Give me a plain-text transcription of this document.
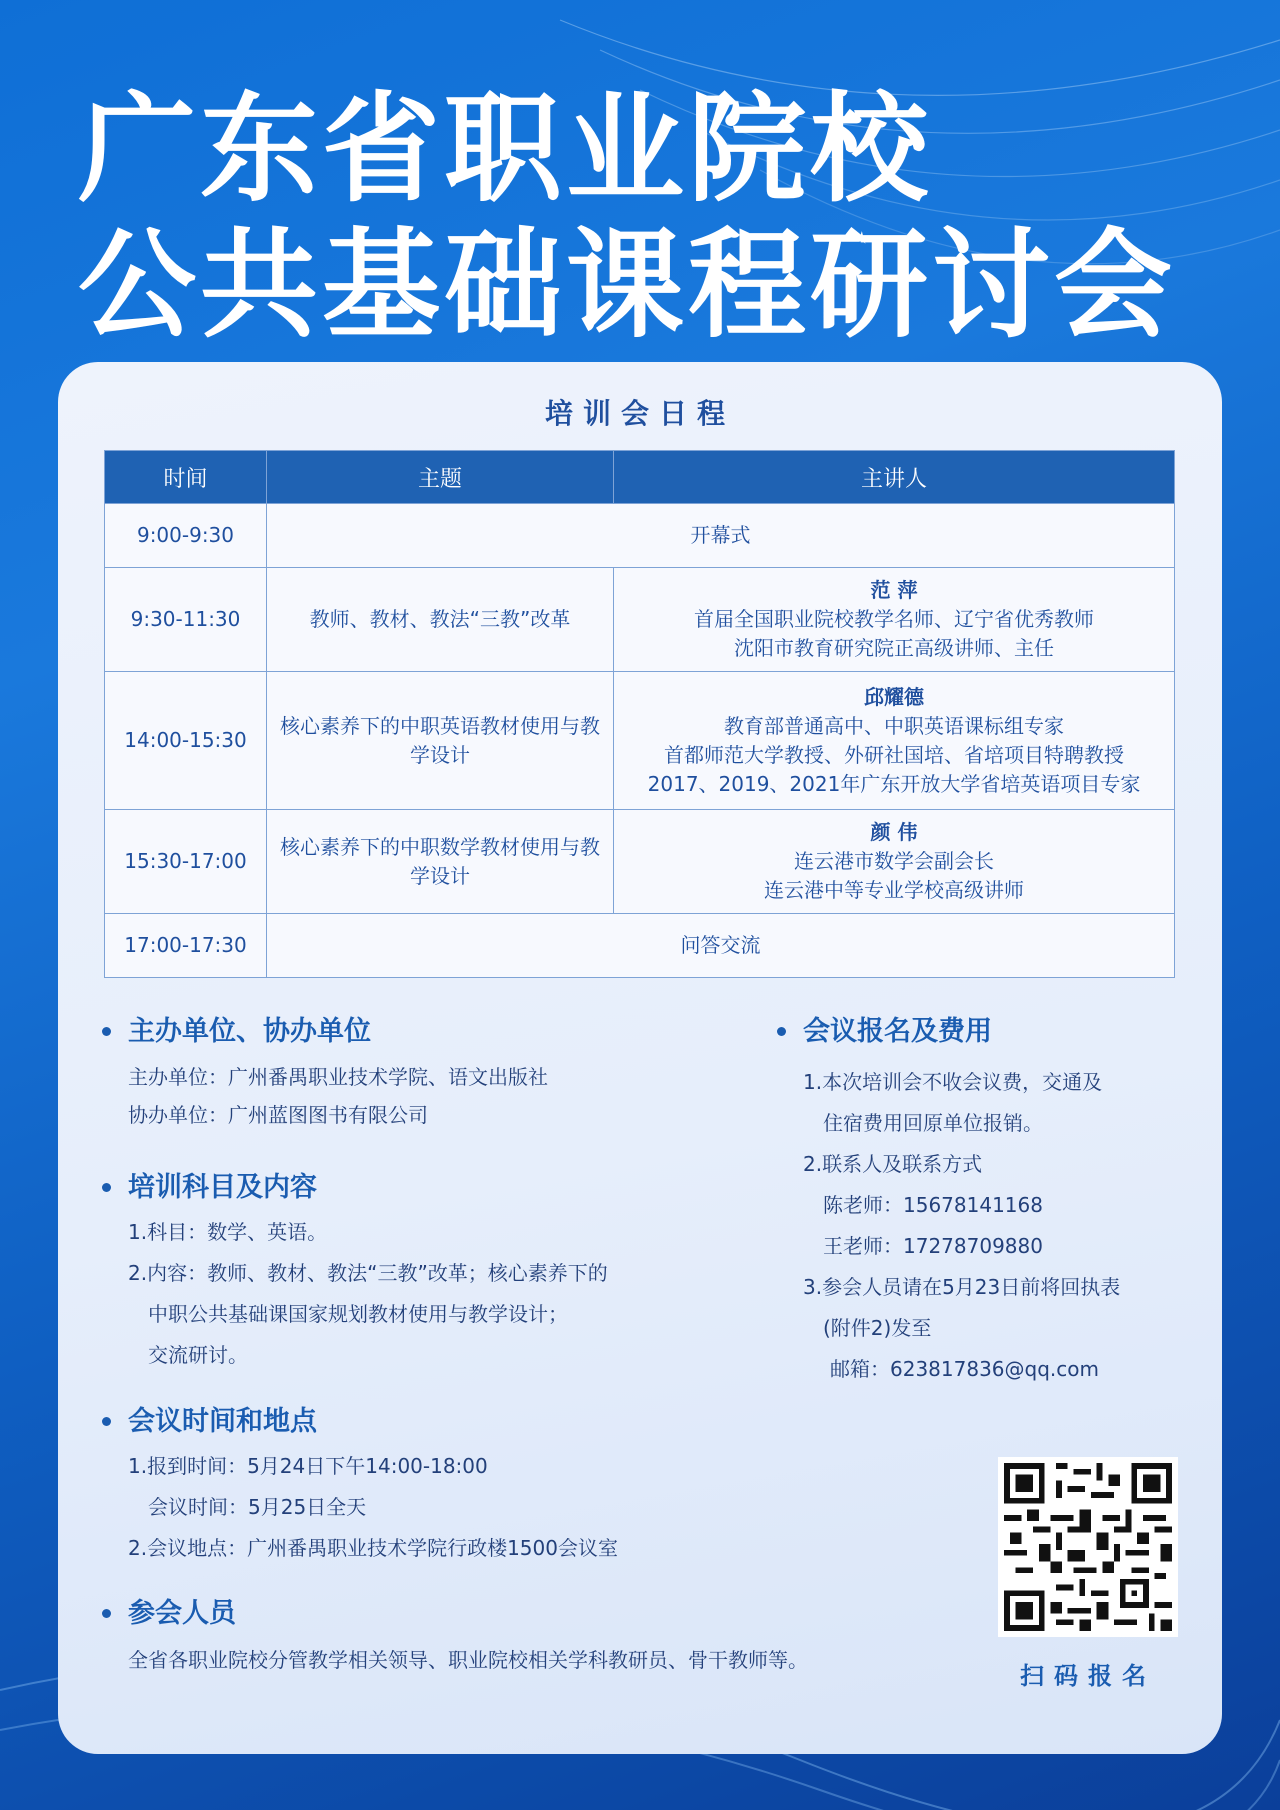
广东省职业院校
公共基础课程研讨会
培训会日程
时间	主题	主讲人
9:00-9:30	开幕式	
9:30-11:30	教师、教材、教法“三教”改革	范 萍
首届全国职业院校教学名师、辽宁省优秀教师
沈阳市教育研究院正高级讲师、主任

14:00-15:30	核心素养下的中职英语教材使用与教学设计	邱耀德
教育部普通高中、中职英语课标组专家
首都师范大学教授、外研社国培、省培项目特聘教授
2017、2019、2021年广东开放大学省培英语项目专家

15:30-17:00	核心素养下的中职数学教材使用与教学设计	颜 伟
连云港市数学会副会长
连云港中等专业学校高级讲师

17:00-17:30	问答交流	
主办单位、协办单位
主办单位：广州番禺职业技术学院、语文出版社
协办单位：广州蓝图图书有限公司
培训科目及内容
1.科目：数学、英语。
2.内容：教师、教材、教法“三教”改革；核心素养下的
中职公共基础课国家规划教材使用与教学设计；
交流研讨。
会议时间和地点
1.报到时间：5月24日下午14:00-18:00
会议时间：5月25日全天
2.会议地点：广州番禺职业技术学院行政楼1500会议室
参会人员
全省各职业院校分管教学相关领导、职业院校相关学科教研员、骨干教师等。
会议报名及费用
1.本次培训会不收会议费，交通及
住宿费用回原单位报销。
2.联系人及联系方式
陈老师：15678141168
王老师：17278709880
3.参会人员请在5月23日前将回执表
(附件2)发至
邮箱：623817836@qq.com
扫码报名
